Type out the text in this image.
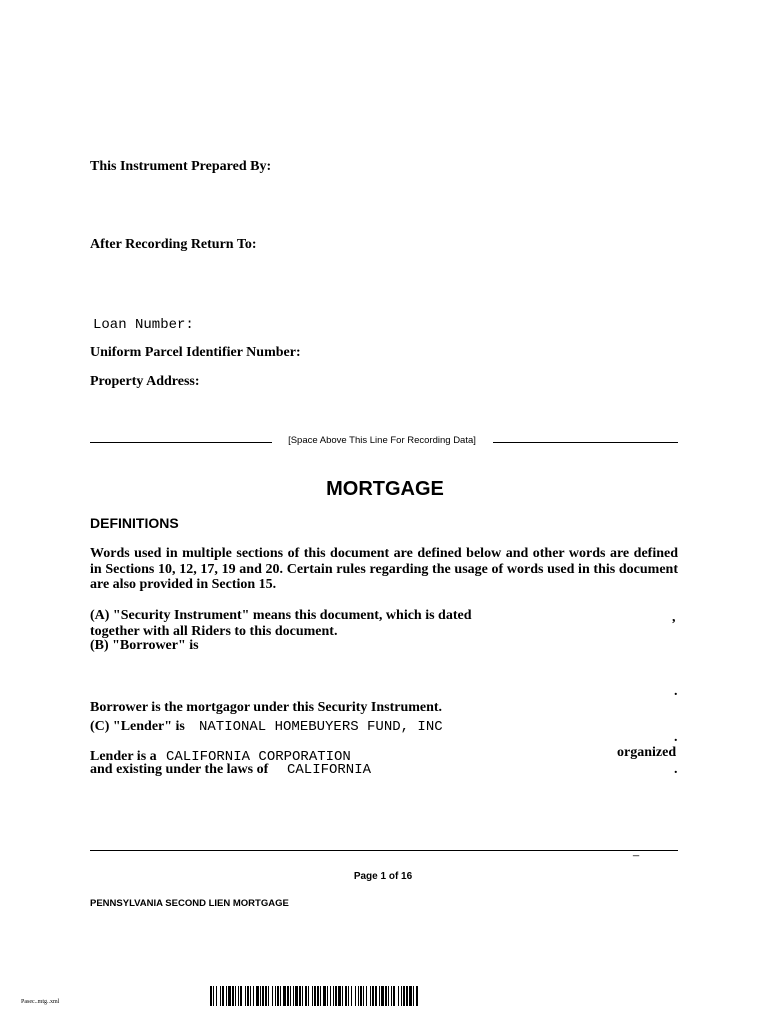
This Instrument Prepared By:
After Recording Return To:
Loan Number:
Uniform Parcel Identifier Number:
Property Address:
[Space Above This Line For Recording Data]
MORTGAGE
DEFINITIONS
Words used in multiple sections of this document are defined below and other words are defined in Sections 10, 12, 17, 19 and 20. Certain rules regarding the usage of words used in this document are also provided in Section 15.
(A) "Security Instrument" means this document, which is dated	,
together with all Riders to this document.
(B) "Borrower" is
.
Borrower is the mortgagor under this Security Instrument.
(C) "Lender" is NATIONAL HOMEBUYERS FUND, INC
.
Lender is a CALIFORNIA CORPORATION	organized
and existing under the laws of CALIFORNIA	.
_
Page 1 of 16
PENNSYLVANIA SECOND LIEN MORTGAGE
Pasec..mtg..xml
